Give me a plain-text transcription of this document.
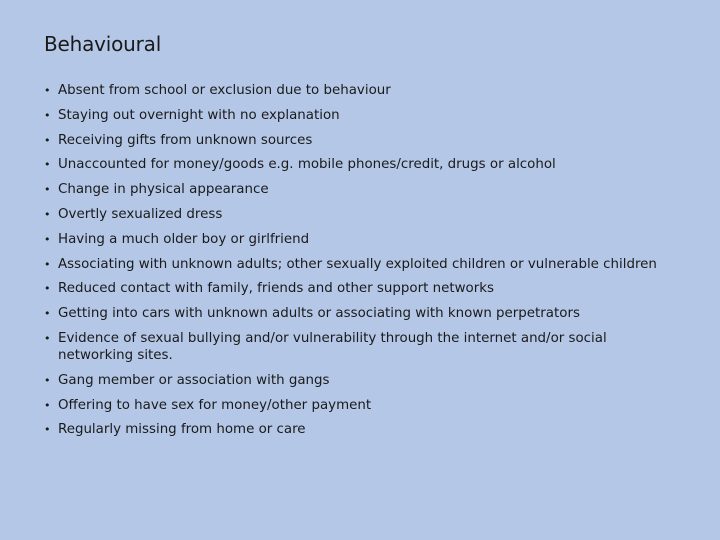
Behavioural
• Absent from school or exclusion due to behaviour
• Staying out overnight with no explanation
• Receiving gifts from unknown sources
• Unaccounted for money/goods e.g. mobile phones/credit, drugs or alcohol
• Change in physical appearance
• Overtly sexualized dress
• Having a much older boy or girlfriend
• Associating with unknown adults; other sexually exploited children or vulnerable children
• Reduced contact with family, friends and other support networks
• Getting into cars with unknown adults or associating with known perpetrators
• Evidence of sexual bullying and/or vulnerability through the internet and/or social networking sites.
• Gang member or association with gangs
• Offering to have sex for money/other payment
• Regularly missing from home or care
